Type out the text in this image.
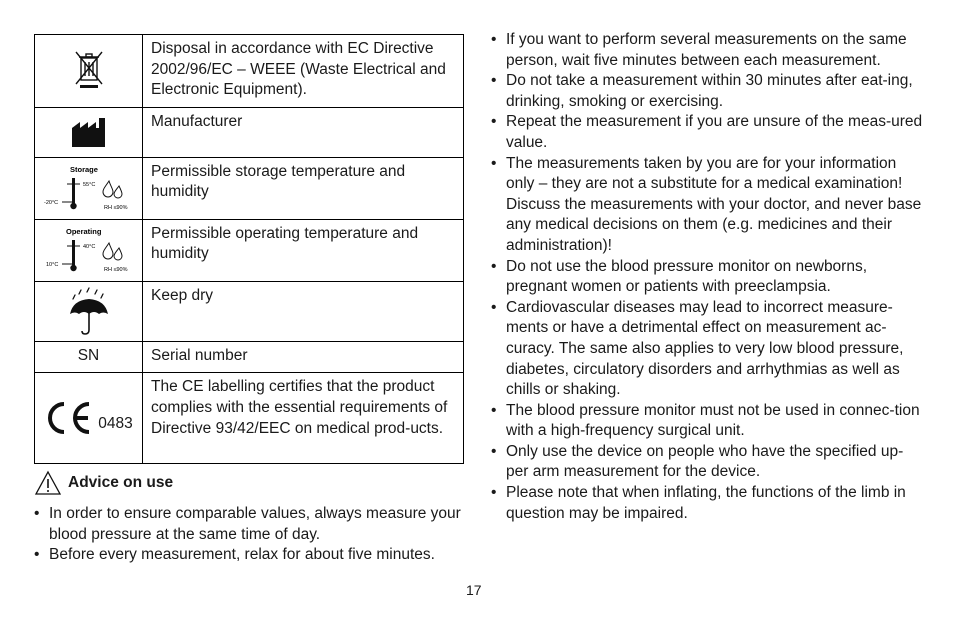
	Disposal in accordance with EC Directive 2002/96/EC – WEEE (Waste Electrical and Electronic Equipment).

	Manufacturer

Storage
55°C
-20°C
RH ≤90%	Permissible storage temperature and humidity

Operating
40°C
10°C
RH ≤90%	Permissible operating temperature and humidity

	Keep dry

SN	Serial number

0483	The CE labelling certifies that the product complies with the essential requirements of Directive 93/42/EEC on medical prod-ucts.
Advice on use
• In order to ensure comparable values, always measure your blood pressure at the same time of day.
• Before every measurement, relax for about five minutes.
• If you want to perform several measurements on the same person, wait five minutes between each measurement.
• Do not take a measurement within 30 minutes after eat-ing, drinking, smoking or exercising.
• Repeat the measurement if you are unsure of the meas-ured value.
• The measurements taken by you are for your information only – they are not a substitute for a medical examination! Discuss the measurements with your doctor, and never base any medical decisions on them (e.g. medicines and their administration)!
• Do not use the blood pressure monitor on newborns, pregnant women or patients with preeclampsia.
• Cardiovascular diseases may lead to incorrect measure-ments or have a detrimental effect on measurement ac-curacy. The same also applies to very low blood pressure, diabetes, circulatory disorders and arrhythmias as well as chills or shaking.
• The blood pressure monitor must not be used in connec-tion with a high-frequency surgical unit.
• Only use the device on people who have the specified up-per arm measurement for the device.
• Please note that when inflating, the functions of the limb in question may be impaired.
17
